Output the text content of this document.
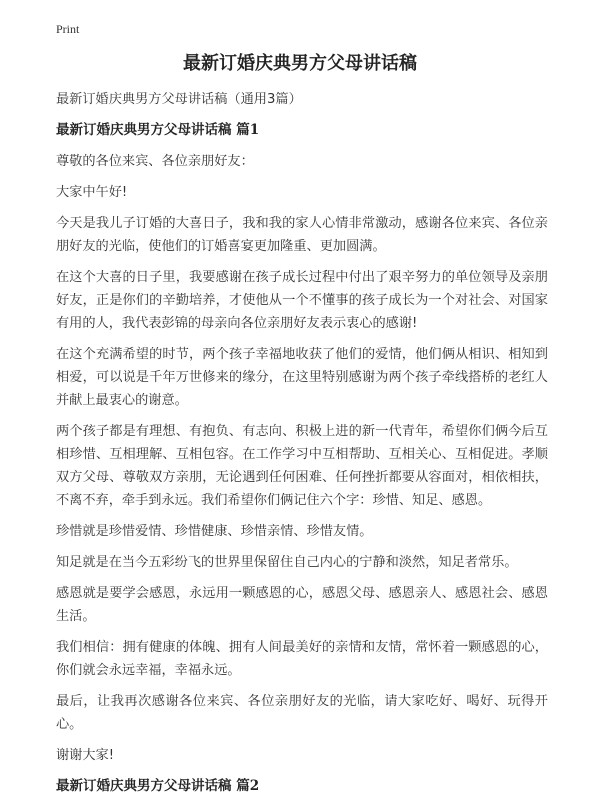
Print
最新订婚庆典男方父母讲话稿

最新订婚庆典男方父母讲话稿（通用3篇）

最新订婚庆典男方父母讲话稿 篇1

尊敬的各位来宾、各位亲朋好友：

大家中午好!

今天是我儿子订婚的大喜日子，我和我的家人心情非常激动，感谢各位来宾、各位亲朋好友的光临，使他们的订婚喜宴更加隆重、更加圆满。

在这个大喜的日子里，我要感谢在孩子成长过程中付出了艰辛努力的单位领导及亲朋好友，正是你们的辛勤培养，才使他从一个不懂事的孩子成长为一个对社会、对国家有用的人，我代表彭锦的母亲向各位亲朋好友表示衷心的感谢!

在这个充满希望的时节，两个孩子幸福地收获了他们的爱情，他们俩从相识、相知到相爱，可以说是千年万世修来的缘分，在这里特别感谢为两个孩子牵线搭桥的老红人并献上最衷心的谢意。

两个孩子都是有理想、有抱负、有志向、积极上进的新一代青年，希望你们俩今后互相珍惜、互相理解、互相包容。在工作学习中互相帮助、互相关心、互相促进。孝顺双方父母、尊敬双方亲朋，无论遇到任何困难、任何挫折都要从容面对，相依相扶，不离不弃，牵手到永远。我们希望你们俩记住六个字：珍惜、知足、感恩。

珍惜就是珍惜爱情、珍惜健康、珍惜亲情、珍惜友情。

知足就是在当今五彩纷飞的世界里保留住自己内心的宁静和淡然，知足者常乐。

感恩就是要学会感恩，永远用一颗感恩的心，感恩父母、感恩亲人、感恩社会、感恩生活。

我们相信：拥有健康的体魄、拥有人间最美好的亲情和友情，常怀着一颗感恩的心，你们就会永远幸福，幸福永远。

最后，让我再次感谢各位来宾、各位亲朋好友的光临，请大家吃好、喝好、玩得开心。

谢谢大家!

最新订婚庆典男方父母讲话稿 篇2
